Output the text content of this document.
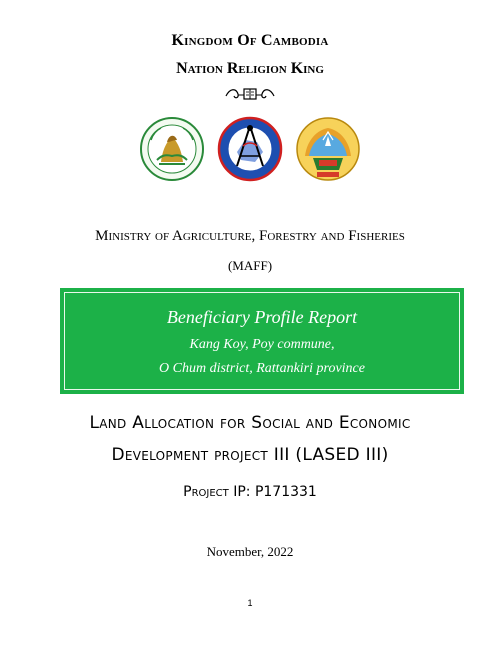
Kingdom Of Cambodia
Nation Religion King
Ministry of Agriculture, Forestry and Fisheries
(MAFF)
Beneficiary Profile Report
Kang Koy, Poy commune,
O Chum district, Rattankiri province
Land Allocation for Social and Economic
Development project III (LASED III)
Project IP: P171331
November, 2022
1
